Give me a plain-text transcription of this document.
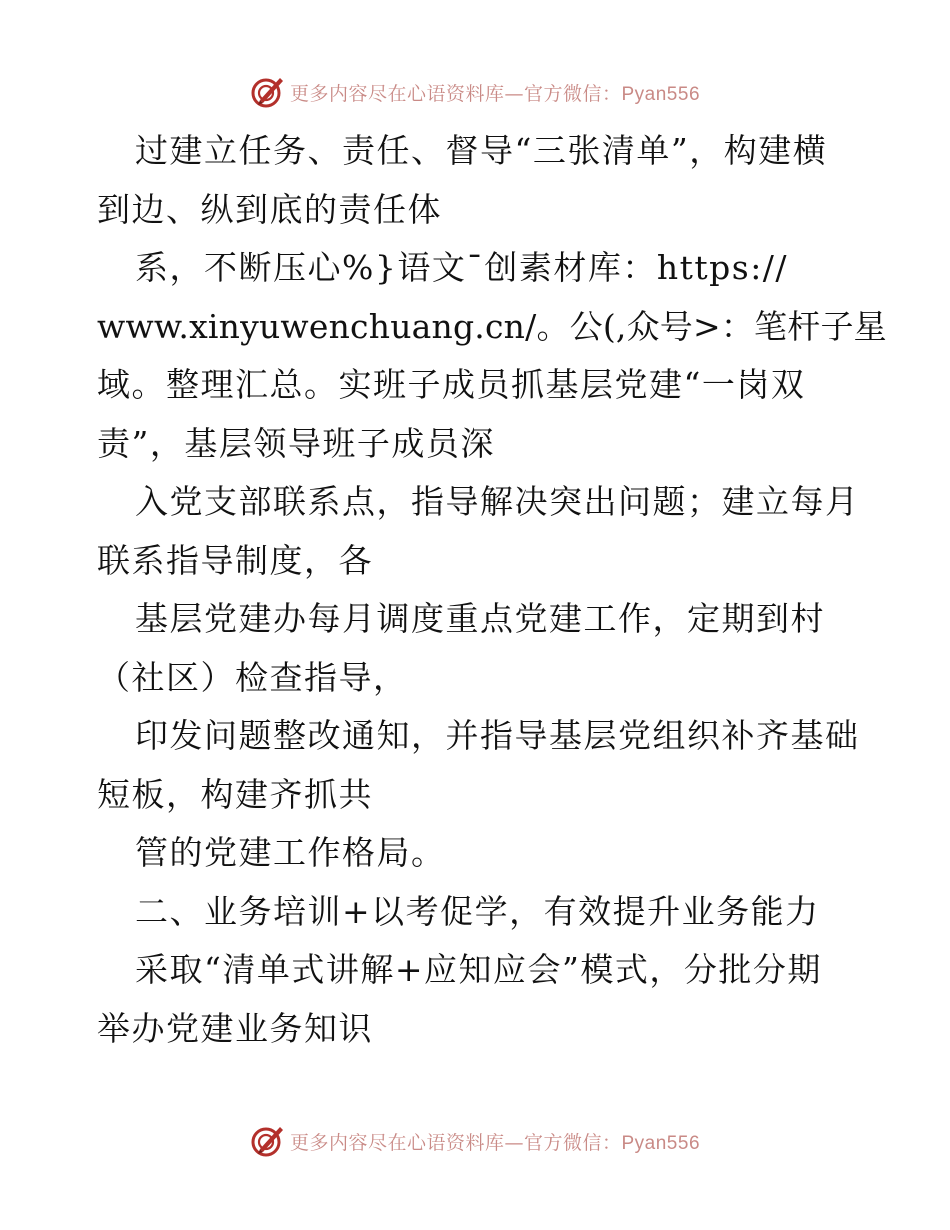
更多内容尽在心语资料库—官方微信：Pyan556
过建立任务、责任、督导“三张清单”，构建横
到边、纵到底的责任体
系，不断压心%}语文¯创素材库：https://
www.xinyuwenchuang.cn/。公(,众号>：笔杆子星
域。整理汇总。实班子成员抓基层党建“一岗双
责”，基层领导班子成员深
入党支部联系点，指导解决突出问题；建立每月
联系指导制度，各
基层党建办每月调度重点党建工作，定期到村
（社区）检查指导，
印发问题整改通知，并指导基层党组织补齐基础
短板，构建齐抓共
管的党建工作格局。
二、业务培训+以考促学，有效提升业务能力
采取“清单式讲解+应知应会”模式，分批分期
举办党建业务知识
更多内容尽在心语资料库—官方微信：Pyan556
